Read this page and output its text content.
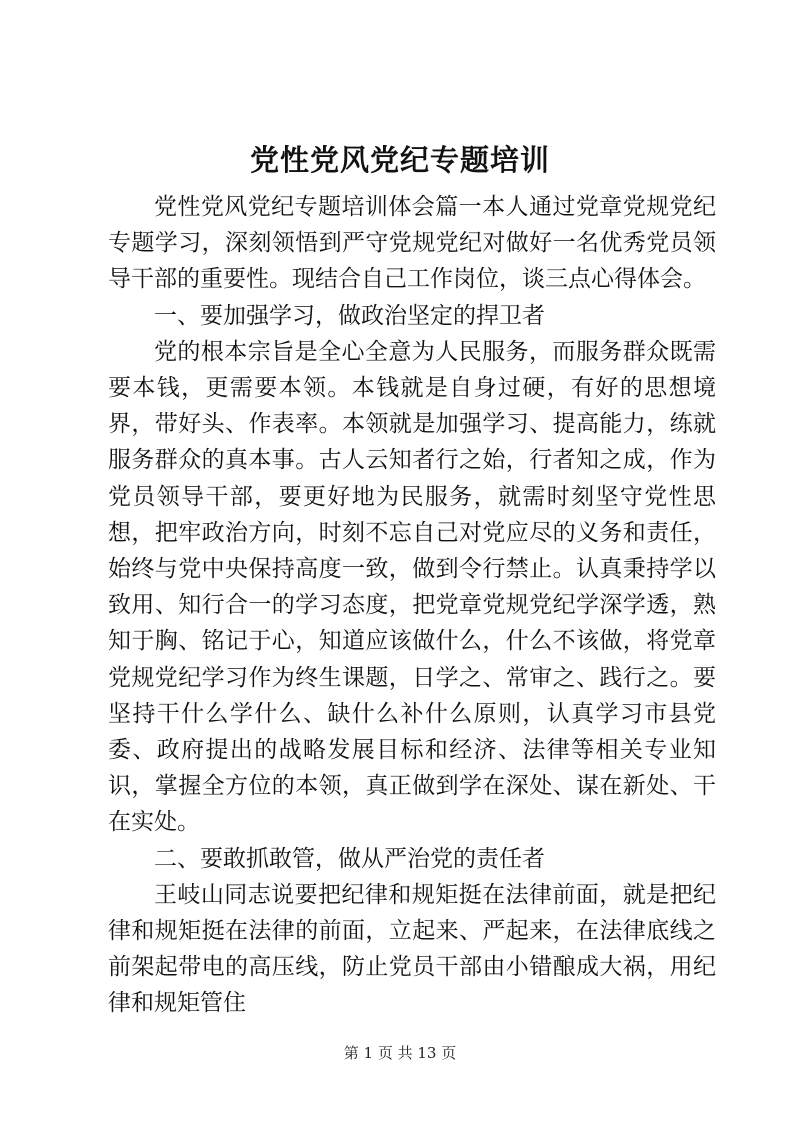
党性党风党纪专题培训

党性党风党纪专题培训体会篇一本人通过党章党规党纪专题学习，深刻领悟到严守党规党纪对做好一名优秀党员领导干部的重要性。现结合自己工作岗位，谈三点心得体会。

一、要加强学习，做政治坚定的捍卫者

党的根本宗旨是全心全意为人民服务，而服务群众既需要本钱，更需要本领。本钱就是自身过硬，有好的思想境界，带好头、作表率。本领就是加强学习、提高能力，练就服务群众的真本事。古人云知者行之始，行者知之成，作为党员领导干部，要更好地为民服务，就需时刻坚守党性思想，把牢政治方向，时刻不忘自己对党应尽的义务和责任，始终与党中央保持高度一致，做到令行禁止。认真秉持学以致用、知行合一的学习态度，把党章党规党纪学深学透，熟知于胸、铭记于心，知道应该做什么，什么不该做，将党章党规党纪学习作为终生课题，日学之、常审之、践行之。要坚持干什么学什么、缺什么补什么原则，认真学习市县党委、政府提出的战略发展目标和经济、法律等相关专业知识，掌握全方位的本领，真正做到学在深处、谋在新处、干在实处。

二、要敢抓敢管，做从严治党的责任者

王岐山同志说要把纪律和规矩挺在法律前面，就是把纪律和规矩挺在法律的前面，立起来、严起来，在法律底线之前架起带电的高压线，防止党员干部由小错酿成大祸，用纪律和规矩管住

第 1 页 共 13 页
